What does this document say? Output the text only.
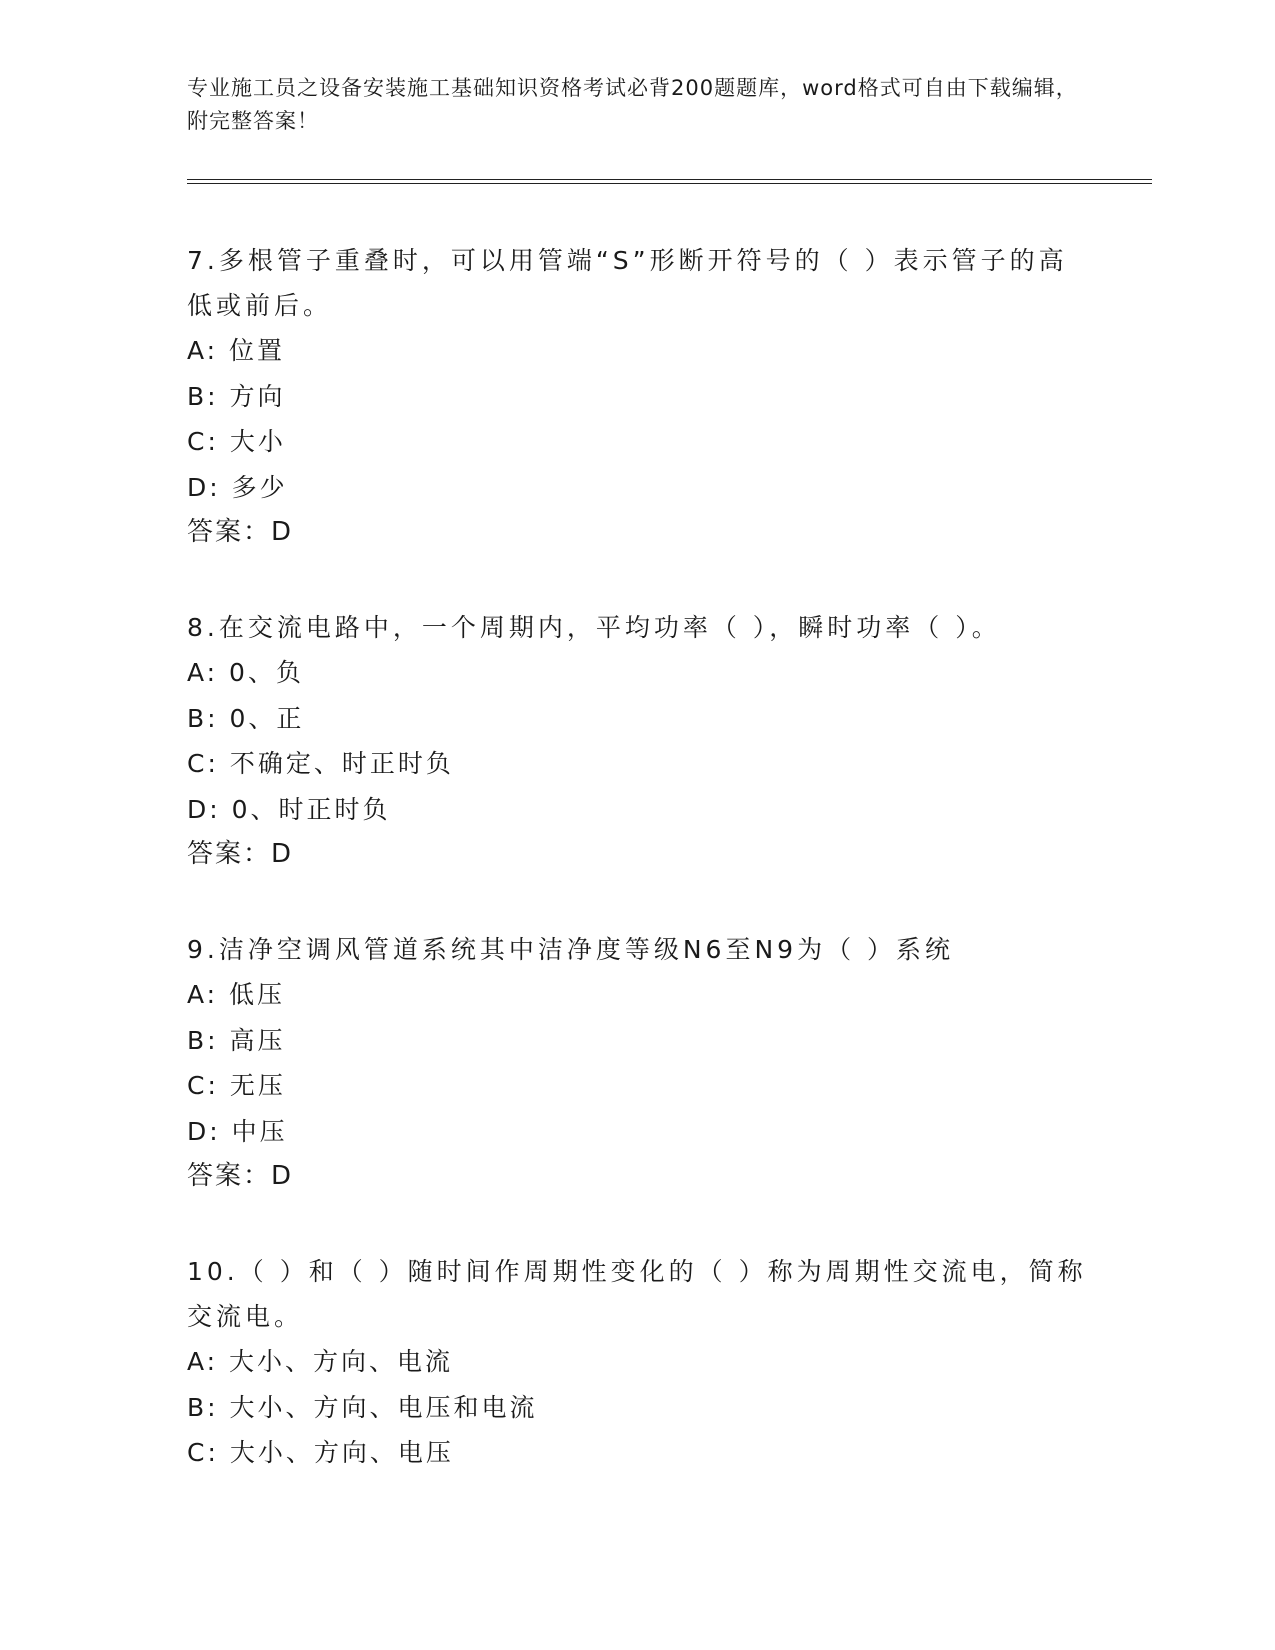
专业施工员之设备安装施工基础知识资格考试必背200题题库，word格式可自由下载编辑，附完整答案！

7.多根管子重叠时，可以用管端“S”形断开符号的（ ）表示管子的高低或前后。

A: 位置

B: 方向

C: 大小

D: 多少

答案：D

8.在交流电路中，一个周期内，平均功率（ ），瞬时功率（ ）。

A: 0、负

B: 0、正

C: 不确定、时正时负

D: 0、时正时负

答案：D

9.洁净空调风管道系统其中洁净度等级N6至N9为（ ）系统

A: 低压

B: 高压

C: 无压

D: 中压

答案：D

10.（ ）和（ ）随时间作周期性变化的（ ）称为周期性交流电，简称交流电。

A: 大小、方向、电流

B: 大小、方向、电压和电流

C: 大小、方向、电压
